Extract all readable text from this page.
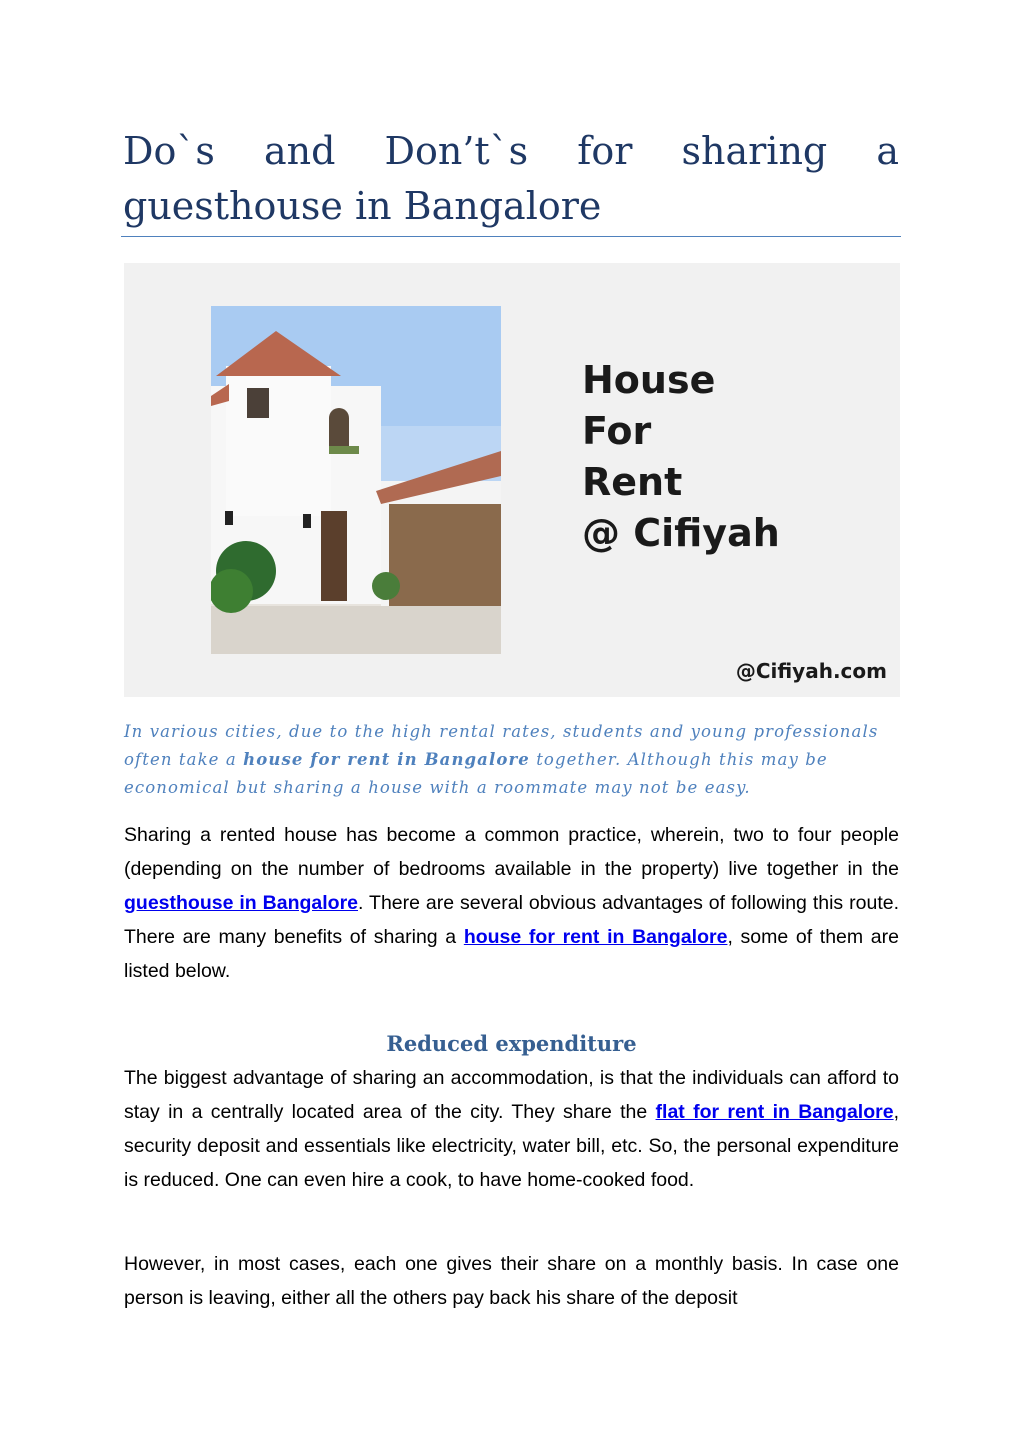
Do`s and Don’t`s for sharing a guesthouse in Bangalore
House
For
Rent
@ Cifiyah
@Cifiyah.com

In various cities, due to the high rental rates, students and young professionals often take a house for rent in Bangalore together. Although this may be economical but sharing a house with a roommate may not be easy.

Sharing a rented house has become a common practice, wherein, two to four people (depending on the number of bedrooms available in the property) live together in the guesthouse in Bangalore. There are several obvious advantages of following this route. There are many benefits of sharing a house for rent in Bangalore, some of them are listed below.

Reduced expenditure

The biggest advantage of sharing an accommodation, is that the individuals can afford to stay in a centrally located area of the city. They share the flat for rent in Bangalore, security deposit and essentials like electricity, water bill, etc. So, the personal expenditure is reduced. One can even hire a cook, to have home-cooked food.

However, in most cases, each one gives their share on a monthly basis. In case one person is leaving, either all the others pay back his share of the deposit
